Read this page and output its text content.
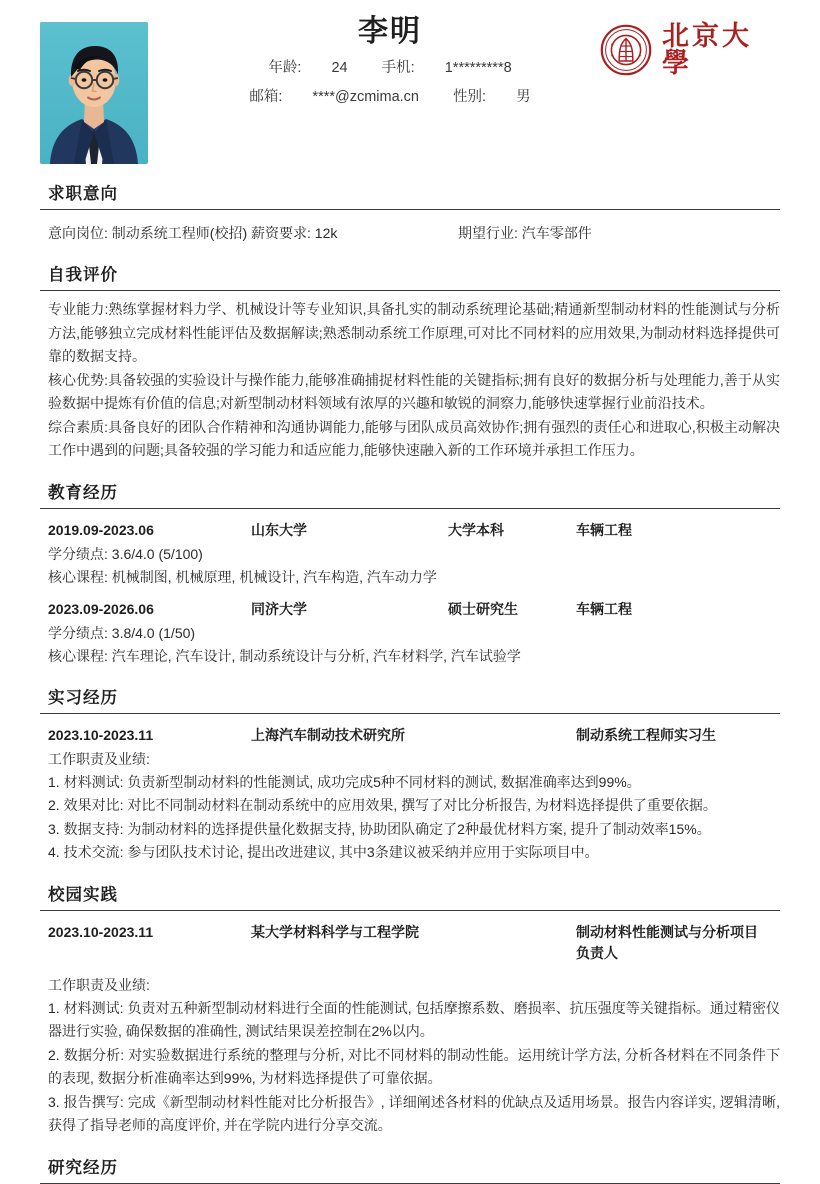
李明
年龄: 24 手机: 1*********8
邮箱: ****@zcmima.cn 性别: 男
北京大學
求职意向
意向岗位: 制动系统工程师(校招) 薪资要求: 12k	期望行业: 汽车零部件
自我评价

专业能力:熟练掌握材料力学、机械设计等专业知识,具备扎实的制动系统理论基础;精通新型制动材料的性能测试与分析方法,能够独立完成材料性能评估及数据解读;熟悉制动系统工作原理,可对比不同材料的应用效果,为制动材料选择提供可靠的数据支持。

核心优势:具备较强的实验设计与操作能力,能够准确捕捉材料性能的关键指标;拥有良好的数据分析与处理能力,善于从实验数据中提炼有价值的信息;对新型制动材料领域有浓厚的兴趣和敏锐的洞察力,能够快速掌握行业前沿技术。

综合素质:具备良好的团队合作精神和沟通协调能力,能够与团队成员高效协作;拥有强烈的责任心和进取心,积极主动解决工作中遇到的问题;具备较强的学习能力和适应能力,能够快速融入新的工作环境并承担工作压力。

教育经历
2019.09-2023.06	山东大学	大学本科	车辆工程
学分绩点: 3.6/4.0 (5/100)
核心课程: 机械制图, 机械原理, 机械设计, 汽车构造, 汽车动力学
2023.09-2026.06	同济大学	硕士研究生	车辆工程
学分绩点: 3.8/4.0 (1/50)
核心课程: 汽车理论, 汽车设计, 制动系统设计与分析, 汽车材料学, 汽车试验学
实习经历
2023.10-2023.11	上海汽车制动技术研究所	制动系统工程师实习生
工作职责及业绩:
1. 材料测试: 负责新型制动材料的性能测试, 成功完成5种不同材料的测试, 数据准确率达到99%。
2. 效果对比: 对比不同制动材料在制动系统中的应用效果, 撰写了对比分析报告, 为材料选择提供了重要依据。
3. 数据支持: 为制动材料的选择提供量化数据支持, 协助团队确定了2种最优材料方案, 提升了制动效率15%。
4. 技术交流: 参与团队技术讨论, 提出改进建议, 其中3条建议被采纳并应用于实际项目中。
校园实践
2023.10-2023.11	某大学材料科学与工程学院	制动材料性能测试与分析项目负责人
工作职责及业绩:
1. 材料测试: 负责对五种新型制动材料进行全面的性能测试, 包括摩擦系数、磨损率、抗压强度等关键指标。通过精密仪器进行实验, 确保数据的准确性, 测试结果误差控制在2%以内。
2. 数据分析: 对实验数据进行系统的整理与分析, 对比不同材料的制动性能。运用统计学方法, 分析各材料在不同条件下的表现, 数据分析准确率达到99%, 为材料选择提供了可靠依据。
3. 报告撰写: 完成《新型制动材料性能对比分析报告》, 详细阐述各材料的优缺点及适用场景。报告内容详实, 逻辑清晰, 获得了指导老师的高度评价, 并在学院内进行分享交流。
研究经历
